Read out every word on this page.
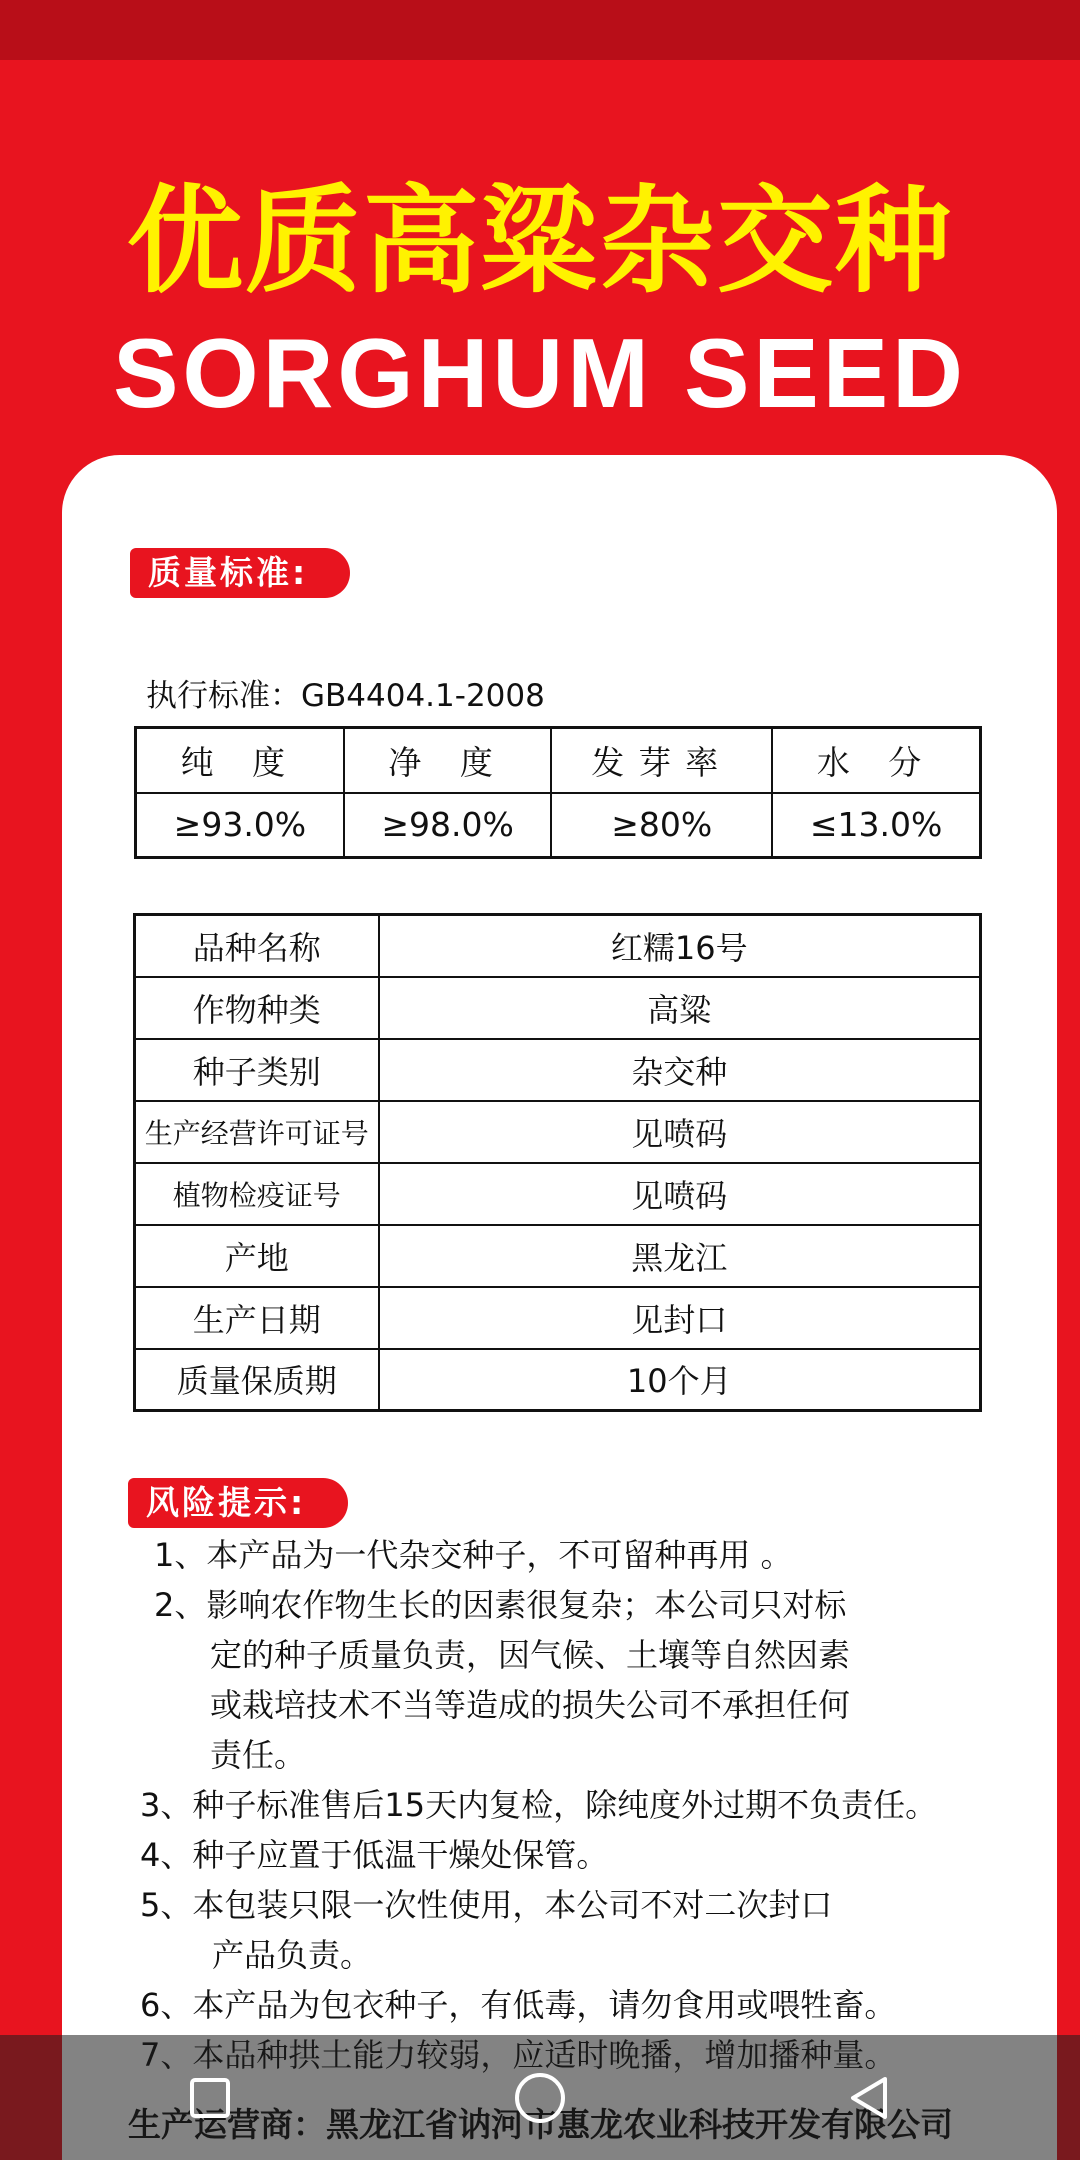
优质高粱杂交种
SORGHUM SEED
质量标准:
执行标准：GB4404.1-2008
纯 度	净 度	发芽率	水 分
≥93.0%	≥98.0%	≥80%	≤13.0%
品种名称	红糯16号
作物种类	高粱
种子类别	杂交种
生产经营许可证号	见喷码
植物检疫证号	见喷码
产地	黑龙江
生产日期	见封口
质量保质期	10个月
风险提示:
1、本产品为一代杂交种子，不可留种再用 。
2、影响农作物生长的因素很复杂；本公司只对标
定的种子质量负责，因气候、土壤等自然因素
或栽培技术不当等造成的损失公司不承担任何
责任。
3、种子标准售后15天内复检，除纯度外过期不负责任。
4、种子应置于低温干燥处保管。
5、本包装只限一次性使用，本公司不对二次封口
产品负责。
6、本产品为包衣种子，有低毒，请勿食用或喂牲畜。
